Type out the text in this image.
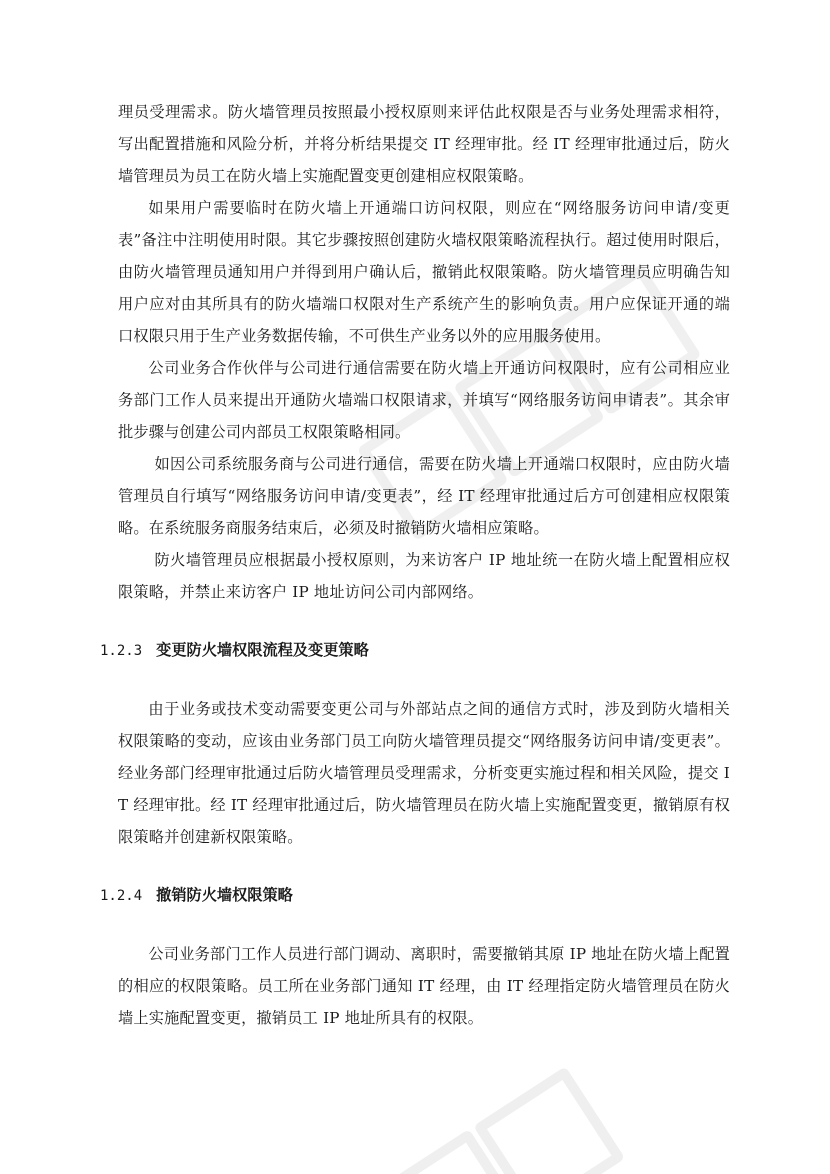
理员受理需求。防火墙管理员按照最小授权原则来评估此权限是否与业务处理需求相符，写出配置措施和风险分析，并将分析结果提交 IT 经理审批。经 IT 经理审批通过后，防火墙管理员为员工在防火墙上实施配置变更创建相应权限策略。

如果用户需要临时在防火墙上开通端口访问权限，则应在“网络服务访问申请/变更表”备注中注明使用时限。其它步骤按照创建防火墙权限策略流程执行。超过使用时限后，由防火墙管理员通知用户并得到用户确认后，撤销此权限策略。防火墙管理员应明确告知用户应对由其所具有的防火墙端口权限对生产系统产生的影响负责。用户应保证开通的端口权限只用于生产业务数据传输，不可供生产业务以外的应用服务使用。

公司业务合作伙伴与公司进行通信需要在防火墙上开通访问权限时，应有公司相应业务部门工作人员来提出开通防火墙端口权限请求，并填写“网络服务访问申请表”。其余审批步骤与创建公司内部员工权限策略相同。

如因公司系统服务商与公司进行通信，需要在防火墙上开通端口权限时，应由防火墙管理员自行填写“网络服务访问申请/变更表”，经 IT 经理审批通过后方可创建相应权限策略。在系统服务商服务结束后，必须及时撤销防火墙相应策略。

防火墙管理员应根据最小授权原则，为来访客户 IP 地址统一在防火墙上配置相应权限策略，并禁止来访客户 IP 地址访问公司内部网络。

1.2.3 变更防火墙权限流程及变更策略

由于业务或技术变动需要变更公司与外部站点之间的通信方式时，涉及到防火墙相关权限策略的变动，应该由业务部门员工向防火墙管理员提交“网络服务访问申请/变更表”。经业务部门经理审批通过后防火墙管理员受理需求，分析变更实施过程和相关风险，提交 IT 经理审批。经 IT 经理审批通过后，防火墙管理员在防火墙上实施配置变更，撤销原有权限策略并创建新权限策略。

1.2.4 撤销防火墙权限策略

公司业务部门工作人员进行部门调动、离职时，需要撤销其原 IP 地址在防火墙上配置的相应的权限策略。员工所在业务部门通知 IT 经理，由 IT 经理指定防火墙管理员在防火墙上实施配置变更，撤销员工 IP 地址所具有的权限。
